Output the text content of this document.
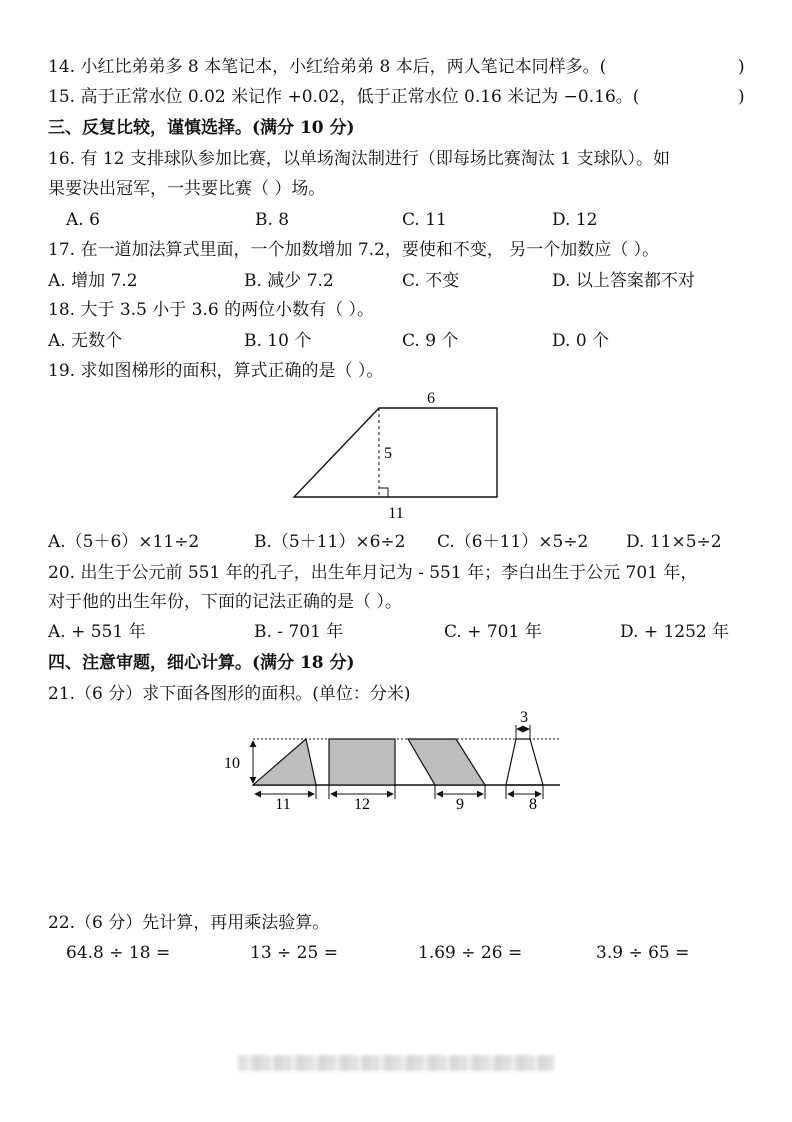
14. 小红比弟弟多 8 本笔记本，小红给弟弟 8 本后，两人笔记本同样多。(	)
15. 高于正常水位 0.02 米记作 +0.02，低于正常水位 0.16 米记为 −0.16。(	)
三、反复比较，谨慎选择。(满分 10 分)
16. 有 12 支排球队参加比赛，以单场淘汰制进行（即每场比赛淘汰 1 支球队）。如
果要决出冠军，一共要比赛（ ）场。
A. 6	B. 8	C. 11	D. 12
17. 在一道加法算式里面，一个加数增加 7.2，要使和不变， 另一个加数应（ ）。
A. 增加 7.2	B. 减少 7.2	C. 不变	D. 以上答案都不对
18. 大于 3.5 小于 3.6 的两位小数有（ ）。
A. 无数个	B. 10 个	C. 9 个	D. 0 个
19. 求如图梯形的面积，算式正确的是（ ）。
6
5
11
A.（5＋6）×11÷2	B.（5＋11）×6÷2 C.（6＋11）×5÷2 D. 11×5÷2
20. 出生于公元前 551 年的孔子，出生年月记为 - 551 年；李白出生于公元 701 年，
对于他的出生年份，下面的记法正确的是（ ）。
A. + 551 年	B. - 701 年	C. + 701 年	D. + 1252 年
四、注意审题，细心计算。(满分 18 分)
21.（6 分）求下面各图形的面积。(单位：分米)
10
11	12	9	8
3
22.（6 分）先计算，再用乘法验算。
64.8 ÷ 18 =	13 ÷ 25 =	1.69 ÷ 26 =	3.9 ÷ 65 =
